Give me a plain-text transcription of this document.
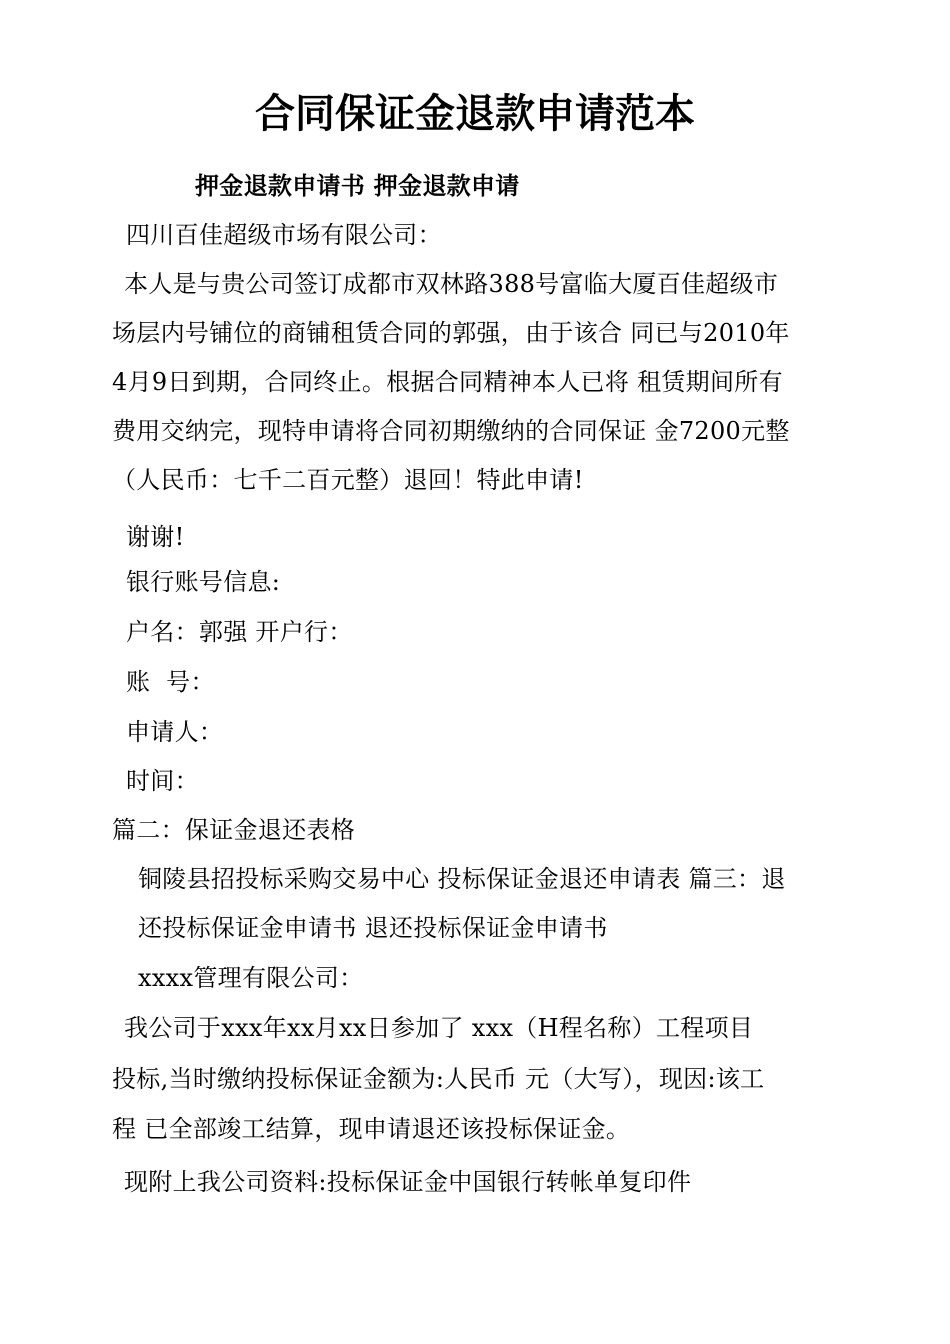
合同保证金退款申请范本
押金退款申请书 押金退款申请
四川百佳超级市场有限公司：
本人是与贵公司签订成都市双林路388号富临大厦百佳超级市
场层内号铺位的商铺租赁合同的郭强，由于该合 同已与2010年
4月9日到期，合同终止。根据合同精神本人已将 租赁期间所有
费用交纳完，现特申请将合同初期缴纳的合同保证 金7200元整
（人民币：七千二百元整）退回！特此申请!
谢谢!
银行账号信息:
户名：郭强 开户行：
账  号：
申请人：
时间：
篇二：保证金退还表格
铜陵县招投标采购交易中心 投标保证金退还申请表 篇三：退
还投标保证金申请书 退还投标保证金申请书
xxxx管理有限公司：
我公司于xxx年xx月xx日参加了 xxx（H程名称）工程项目
投标,当时缴纳投标保证金额为:人民币 元（大写），现因:该工
程 已全部竣工结算，现申请退还该投标保证金。
现附上我公司资料:投标保证金中国银行转帐单复印件
